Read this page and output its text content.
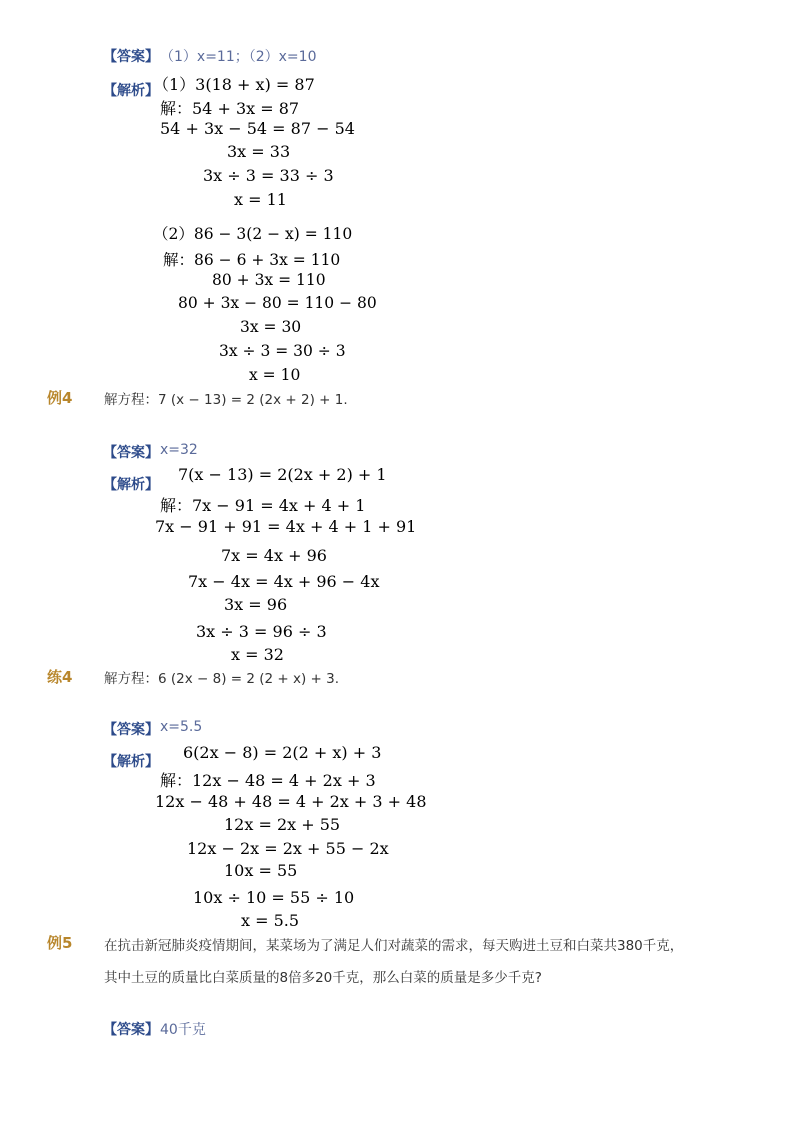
【答案】 （1）x=11；（2）x=10
【解析】
（1）3(18 + x) = 87
解：54 + 3x = 87
54 + 3x − 54 = 87 − 54
3x = 33
3x ÷ 3 = 33 ÷ 3
x = 11
（2）86 − 3(2 − x) = 110
解：86 − 6 + 3x = 110
80 + 3x = 110
80 + 3x − 80 = 110 − 80
3x = 30
3x ÷ 3 = 30 ÷ 3
x = 10
例4 解方程：7 (x − 13) = 2 (2x + 2) + 1.
【答案】 x=32
【解析】
7(x − 13) = 2(2x + 2) + 1
解：7x − 91 = 4x + 4 + 1
7x − 91 + 91 = 4x + 4 + 1 + 91
7x = 4x + 96
7x − 4x = 4x + 96 − 4x
3x = 96
3x ÷ 3 = 96 ÷ 3
x = 32
练4 解方程：6 (2x − 8) = 2 (2 + x) + 3.
【答案】 x=5.5
【解析】 6(2x − 8) = 2(2 + x) + 3
解：12x − 48 = 4 + 2x + 3
12x − 48 + 48 = 4 + 2x + 3 + 48
12x = 2x + 55
12x − 2x = 2x + 55 − 2x
10x = 55
10x ÷ 10 = 55 ÷ 10
x = 5.5
例5 在抗击新冠肺炎疫情期间，某菜场为了满足人们对蔬菜的需求，每天购进土豆和白菜共380千克，
其中土豆的质量比白菜质量的8倍多20千克，那么白菜的质量是多少千克?
【答案】 40千克
